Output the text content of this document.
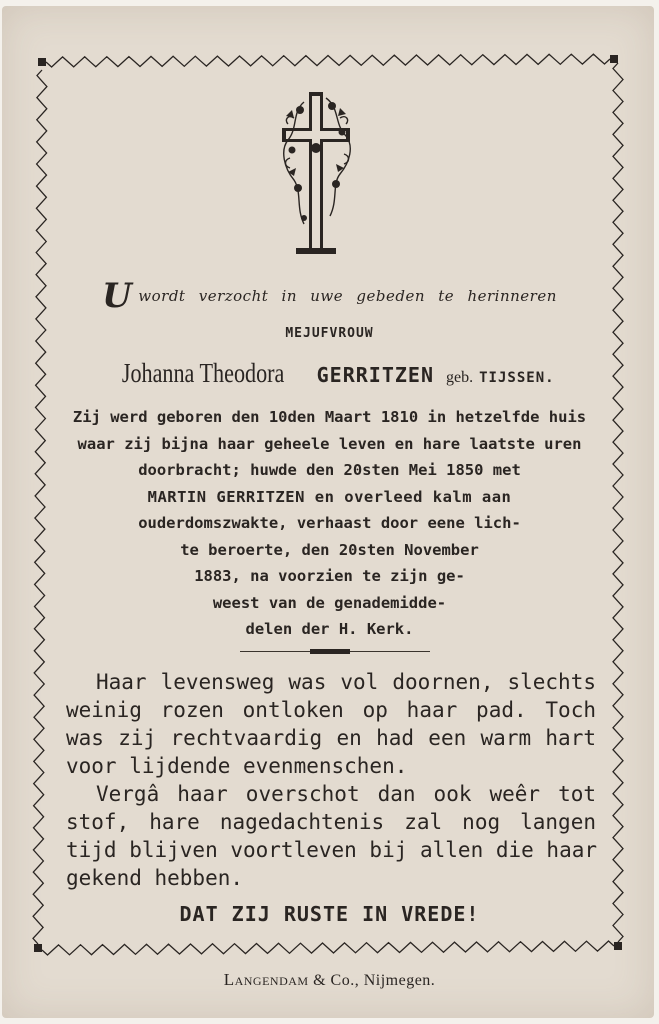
Uwordt verzocht in uwe gebeden te herinneren
MEJUFVROUW
Johanna Theodora GERRITZEN geb. TIJSSEN.
Zij werd geboren den 10den Maart 1810 in hetzelfde huis
waar zij bijna haar geheele leven en hare laatste uren
doorbracht; huwde den 20sten Mei 1850 met
MARTIN GERRITZEN en overleed kalm aan
ouderdomszwakte, verhaast door eene lich-
te beroerte, den 20sten November
1883, na voorzien te zijn ge-
weest van de genademidde-
delen der H. Kerk.
Haar levensweg was vol doornen, slechts
weinig rozen ontloken op haar pad. Toch
was zij rechtvaardig en had een warm hart
voor lijdende evenmenschen.
Vergâ haar overschot dan ook weêr tot
stof, hare nagedachtenis zal nog langen
tijd blijven voortleven bij allen die haar
gekend hebben.
DAT ZIJ RUSTE IN VREDE!
Langendam & Co., Nijmegen.
